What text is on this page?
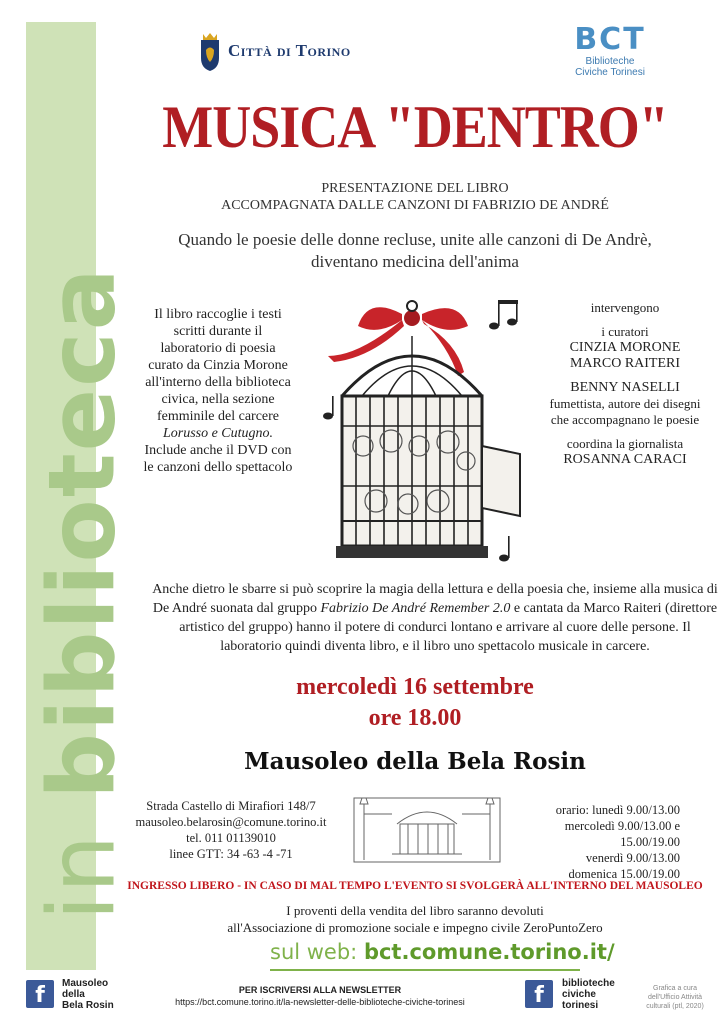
in biblioteca
Città di Torino	BCT
Biblioteche
Civiche Torinesi
MUSICA "DENTRO"
PRESENTAZIONE DEL LIBRO
ACCOMPAGNATA DALLE CANZONI DI FABRIZIO DE ANDRÉ
Quando le poesie delle donne recluse, unite alle canzoni di De Andrè,
diventano medicina dell'anima
Il libro raccoglie i testi
scritti durante il
laboratorio di poesia
curato da Cinzia Morone
all'interno della biblioteca
civica, nella sezione
femminile del carcere
Lorusso e Cutugno.
Include anche il DVD con
le canzoni dello spettacolo
intervengono
i curatori
CINZIA MORONE
MARCO RAITERI
BENNY NASELLI
fumettista, autore dei disegni
che accompagnano le poesie
coordina la giornalista
ROSANNA CARACI
Anche dietro le sbarre si può scoprire la magia della lettura e della poesia che, insieme alla musica di De André suonata dal gruppo Fabrizio De André Remember 2.0 e cantata da Marco Raiteri (direttore artistico del gruppo) hanno il potere di condurci lontano e arrivare al cuore delle persone. Il laboratorio quindi diventa libro, e il libro uno spettacolo musicale in carcere.
mercoledì 16 settembre
ore 18.00
Mausoleo della Bela Rosin
Strada Castello di Mirafiori 148/7
mausoleo.belarosin@comune.torino.it
tel. 011 01139010
linee GTT: 34 -63 -4 -71
orario: lunedì 9.00/13.00
mercoledì 9.00/13.00 e 15.00/19.00
venerdì 9.00/13.00
domenica 15.00/19.00
INGRESSO LIBERO - IN CASO DI MAL TEMPO L'EVENTO SI SVOLGERÀ ALL'INTERNO DEL MAUSOLEO
I proventi della vendita del libro saranno devoluti
all'Associazione di promozione sociale e impegno civile ZeroPuntoZero
sul web: bct.comune.torino.it/
f	Mausoleo
della
Bela Rosin
PER ISCRIVERSI ALLA NEWSLETTER
https://bct.comune.torino.it/la-newsletter-delle-biblioteche-civiche-torinesi	f	biblioteche
civiche
torinesi
Grafica a cura
dell'Ufficio Attività
culturali (ptl, 2020)
